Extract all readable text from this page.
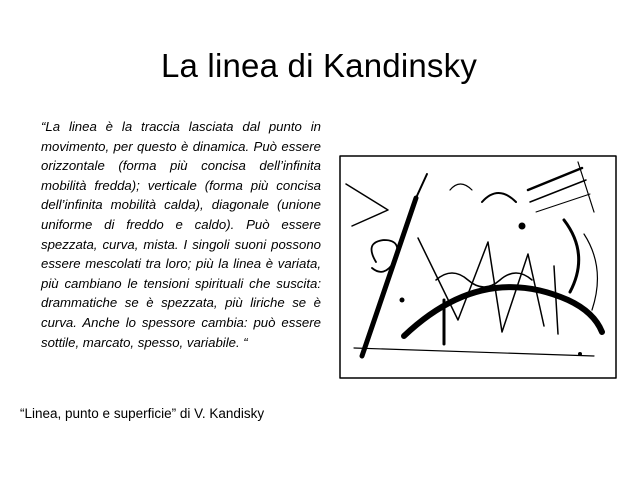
La linea di Kandinsky
“La linea è la traccia lasciata dal punto in movimento, per questo è dinamica. Può essere orizzontale (forma più concisa dell’infinita mobilità fredda); verticale (forma più concisa dell’infinita mobilità calda), diagonale (unione uniforme di freddo e caldo). Può essere spezzata, curva, mista. I singoli suoni possono essere mescolati tra loro; più la linea è variata, più cambiano le tensioni spirituali che suscita: drammatiche se è spezzata, più liriche se è curva. Anche lo spessore cambia: può essere sottile, marcato, spesso, variabile. “
“Linea, punto e superficie” di V. Kandisky
